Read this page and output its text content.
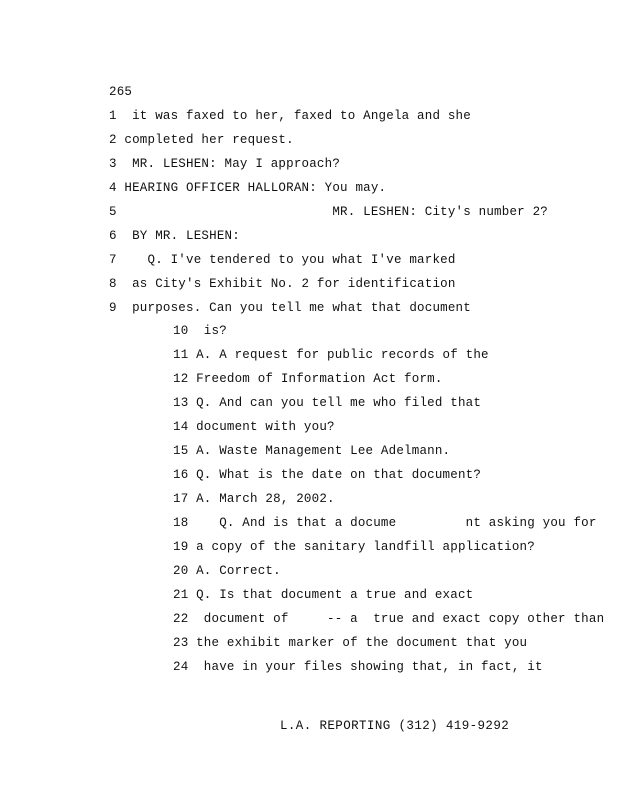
265
1  it was faxed to her, faxed to Angela and she
2 completed her request.
3  MR. LESHEN: May I approach?
4 HEARING OFFICER HALLORAN: You may.
5                            MR. LESHEN: City's number 2?
6  BY MR. LESHEN:
7    Q. I've tendered to you what I've marked
8  as City's Exhibit No. 2 for identification
9  purposes. Can you tell me what that document
10  is?
11 A. A request for public records of the
12 Freedom of Information Act form.
13 Q. And can you tell me who filed that
14 document with you?
15 A. Waste Management Lee Adelmann.
16 Q. What is the date on that document?
17 A. March 28, 2002.
18    Q. And is that a docume         nt asking you for
19 a copy of the sanitary landfill application?
20 A. Correct.
21 Q. Is that document a true and exact
22  document of     -- a  true and exact copy other than
23 the exhibit marker of the document that you
24  have in your files showing that, in fact, it
L.A. REPORTING (312) 419-9292
